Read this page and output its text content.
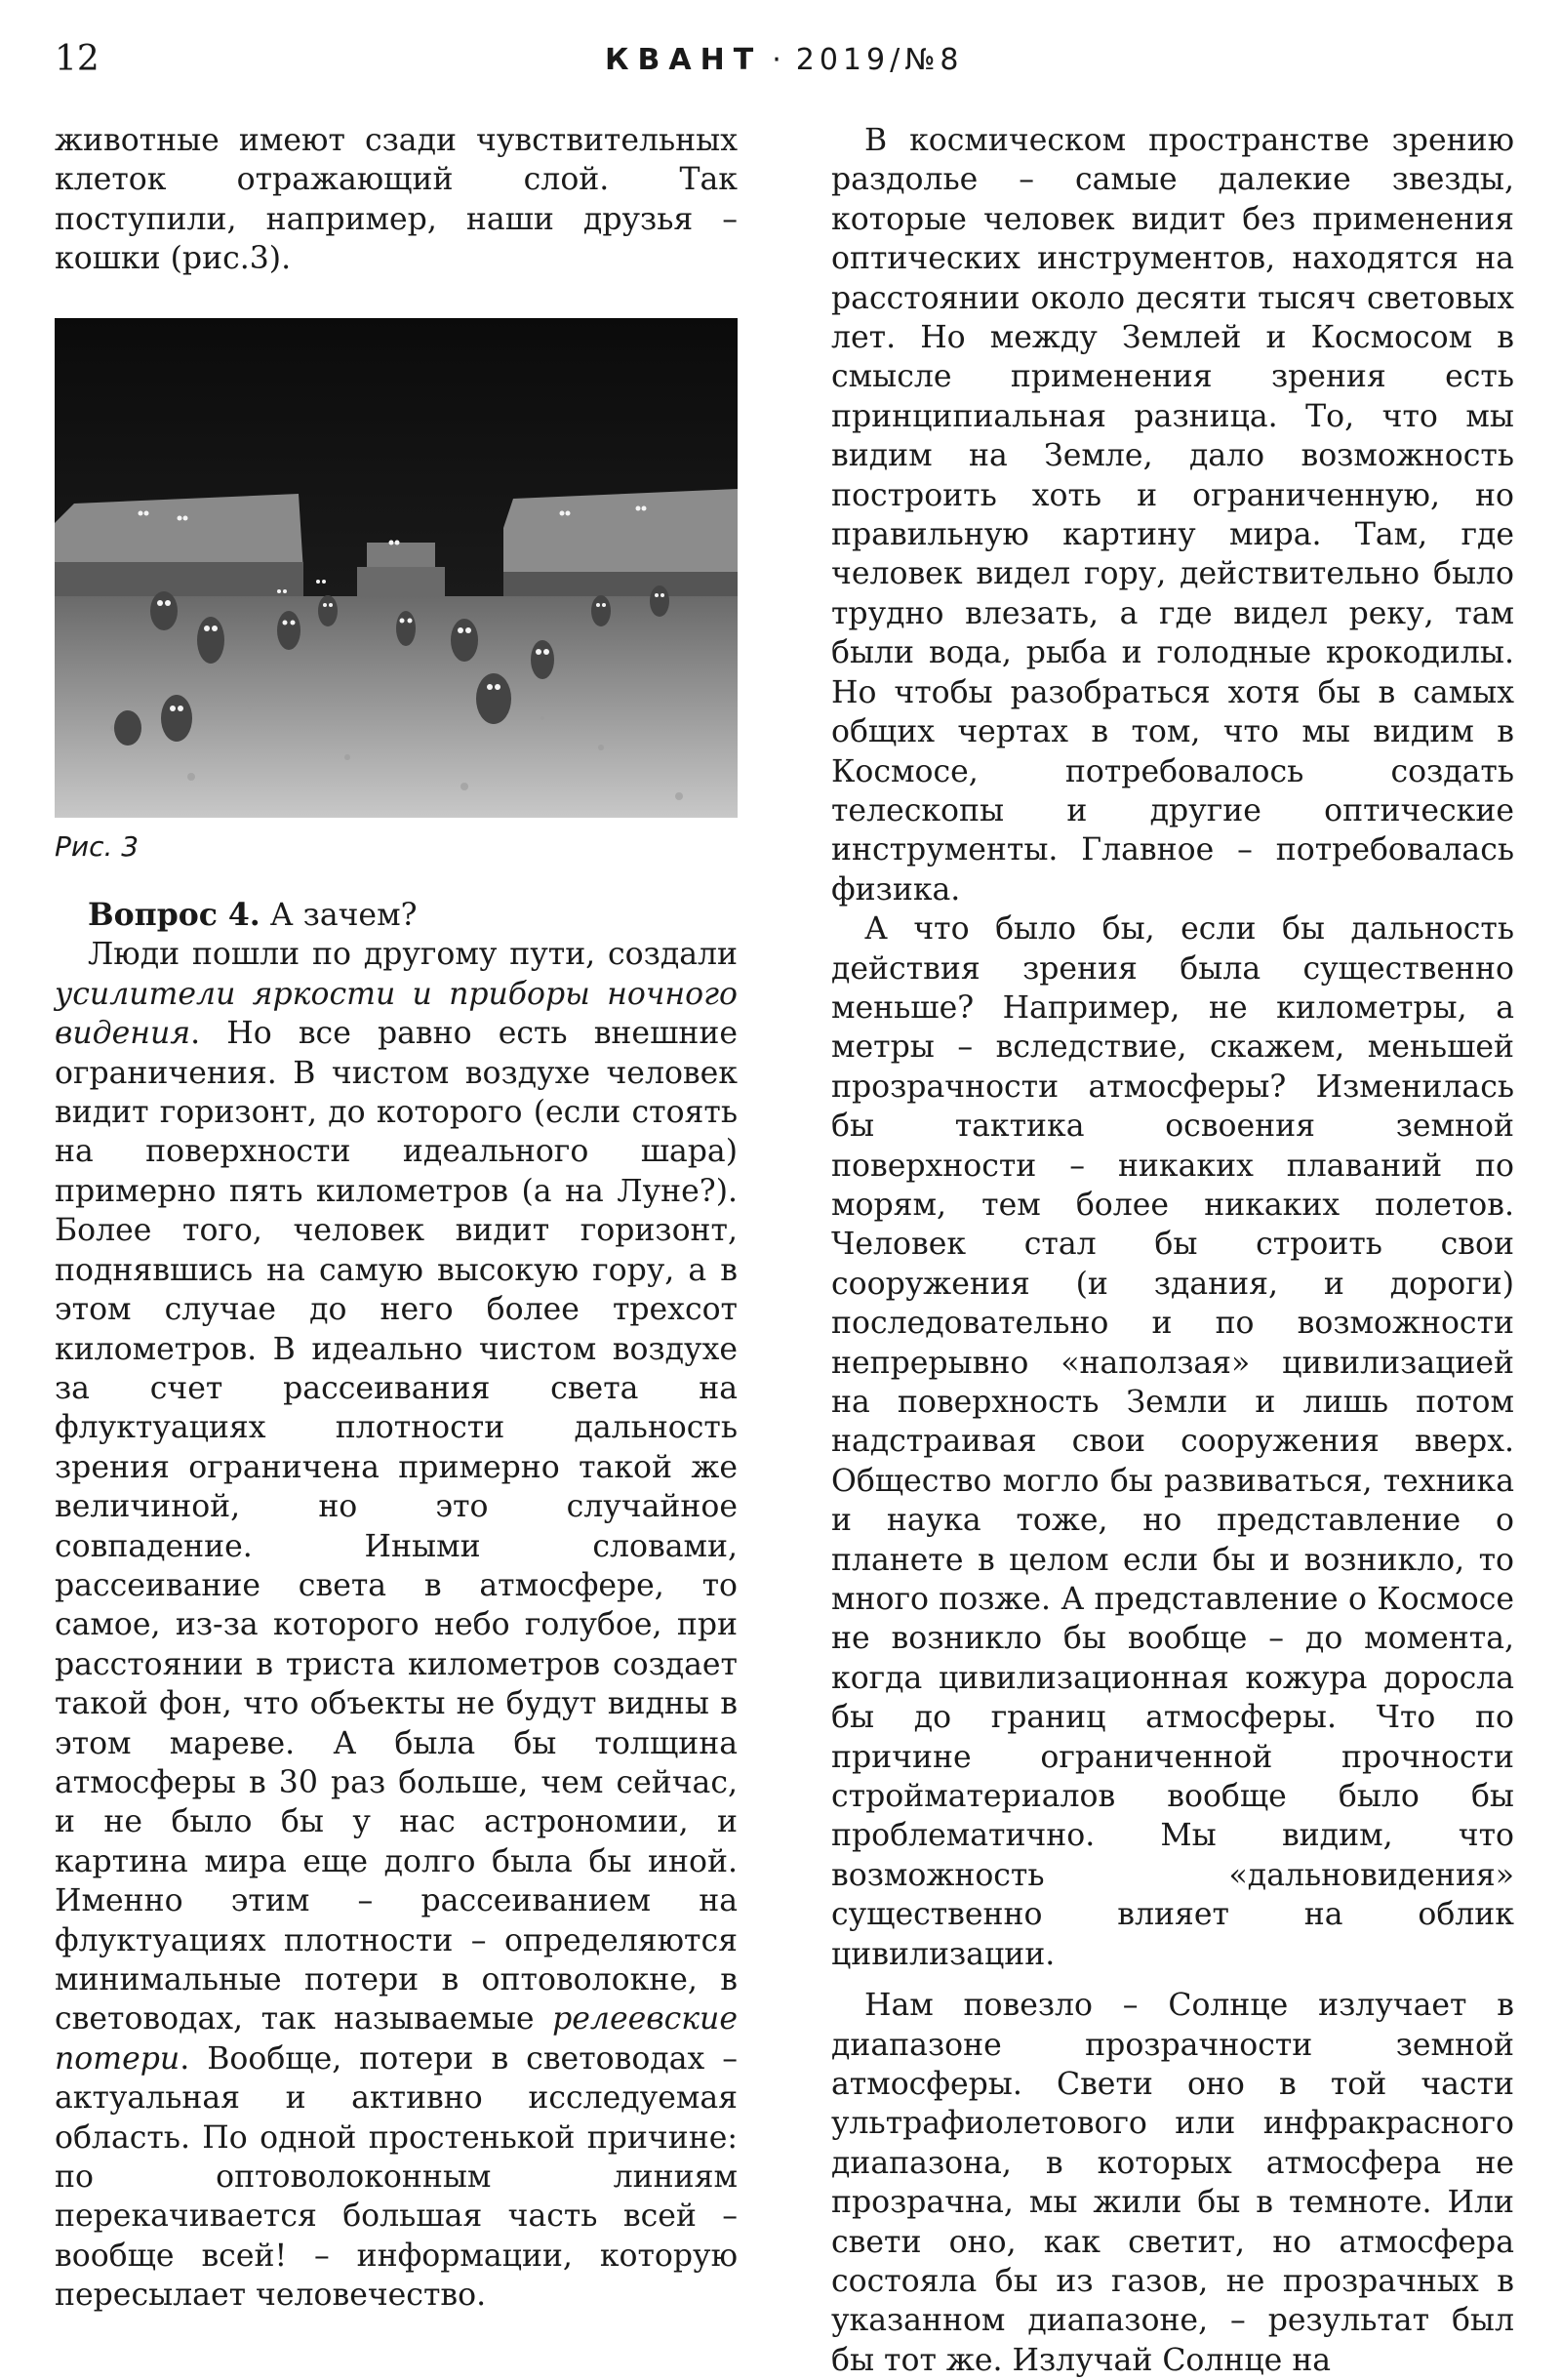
12	КВАНТ · 2019/№8

животные имеют сзади чувствительных клеток отражающий слой. Так поступили, например, наши друзья – кошки (рис.3).

Рис. 3

Вопрос 4. А зачем?

Люди пошли по другому пути, создали усилители яркости и приборы ночного видения. Но все равно есть внешние ограничения. В чистом воздухе человек видит горизонт, до которого (если стоять на поверхности идеального шара) примерно пять километров (а на Луне?). Более того, человек видит горизонт, поднявшись на самую высокую гору, а в этом случае до него более трехсот километров. В идеально чистом воздухе за счет рассеивания света на флуктуациях плотности дальность зрения ограничена примерно такой же величиной, но это случайное совпадение. Иными словами, рассеивание света в атмосфере, то самое, из-за которого небо голубое, при расстоянии в триста километров создает такой фон, что объекты не будут видны в этом мареве. А была бы толщина атмосферы в 30 раз больше, чем сейчас, и не было бы у нас астрономии, и картина мира еще долго была бы иной. Именно этим – рассеиванием на флуктуациях плотности – определяются минимальные потери в оптоволокне, в световодах, так называемые релеевские потери. Вообще, потери в световодах – актуальная и активно исследуемая область. По одной простенькой причине: по оптоволоконным линиям перекачивается большая часть всей – вообще всей! – информации, которую пересылает человечество.

В космическом пространстве зрению раздолье – самые далекие звезды, которые человек видит без применения оптических инструментов, находятся на расстоянии около десяти тысяч световых лет. Но между Землей и Космосом в смысле применения зрения есть принципиальная разница. То, что мы видим на Земле, дало возможность построить хоть и ограниченную, но правильную картину мира. Там, где человек видел гору, действительно было трудно влезать, а где видел реку, там были вода, рыба и голодные крокодилы. Но чтобы разобраться хотя бы в самых общих чертах в том, что мы видим в Космосе, потребовалось создать телескопы и другие оптические инструменты. Главное – потребовалась физика.

А что было бы, если бы дальность действия зрения была существенно меньше? Например, не километры, а метры – вследствие, скажем, меньшей прозрачности атмосферы? Изменилась бы тактика освоения земной поверхности – никаких плаваний по морям, тем более никаких полетов. Человек стал бы строить свои сооружения (и здания, и дороги) последовательно и по возможности непрерывно «наползая» цивилизацией на поверхность Земли и лишь потом надстраивая свои сооружения вверх. Общество могло бы развиваться, техника и наука тоже, но представление о планете в целом если бы и возникло, то много позже. А представление о Космосе не возникло бы вообще – до момента, когда цивилизационная кожура доросла бы до границ атмосферы. Что по причине ограниченной прочности стройматериалов вообще было бы проблематично. Мы видим, что возможность «дальновидения» существенно влияет на облик цивилизации.

Нам повезло – Солнце излучает в диапазоне прозрачности земной атмосферы. Свети оно в той части ультрафиолетового или инфракрасного диапазона, в которых атмосфера не прозрачна, мы жили бы в темноте. Или свети оно, как светит, но атмосфера состояла бы из газов, не прозрачных в указанном диапазоне, – результат был бы тот же. Излучай Солнце на
